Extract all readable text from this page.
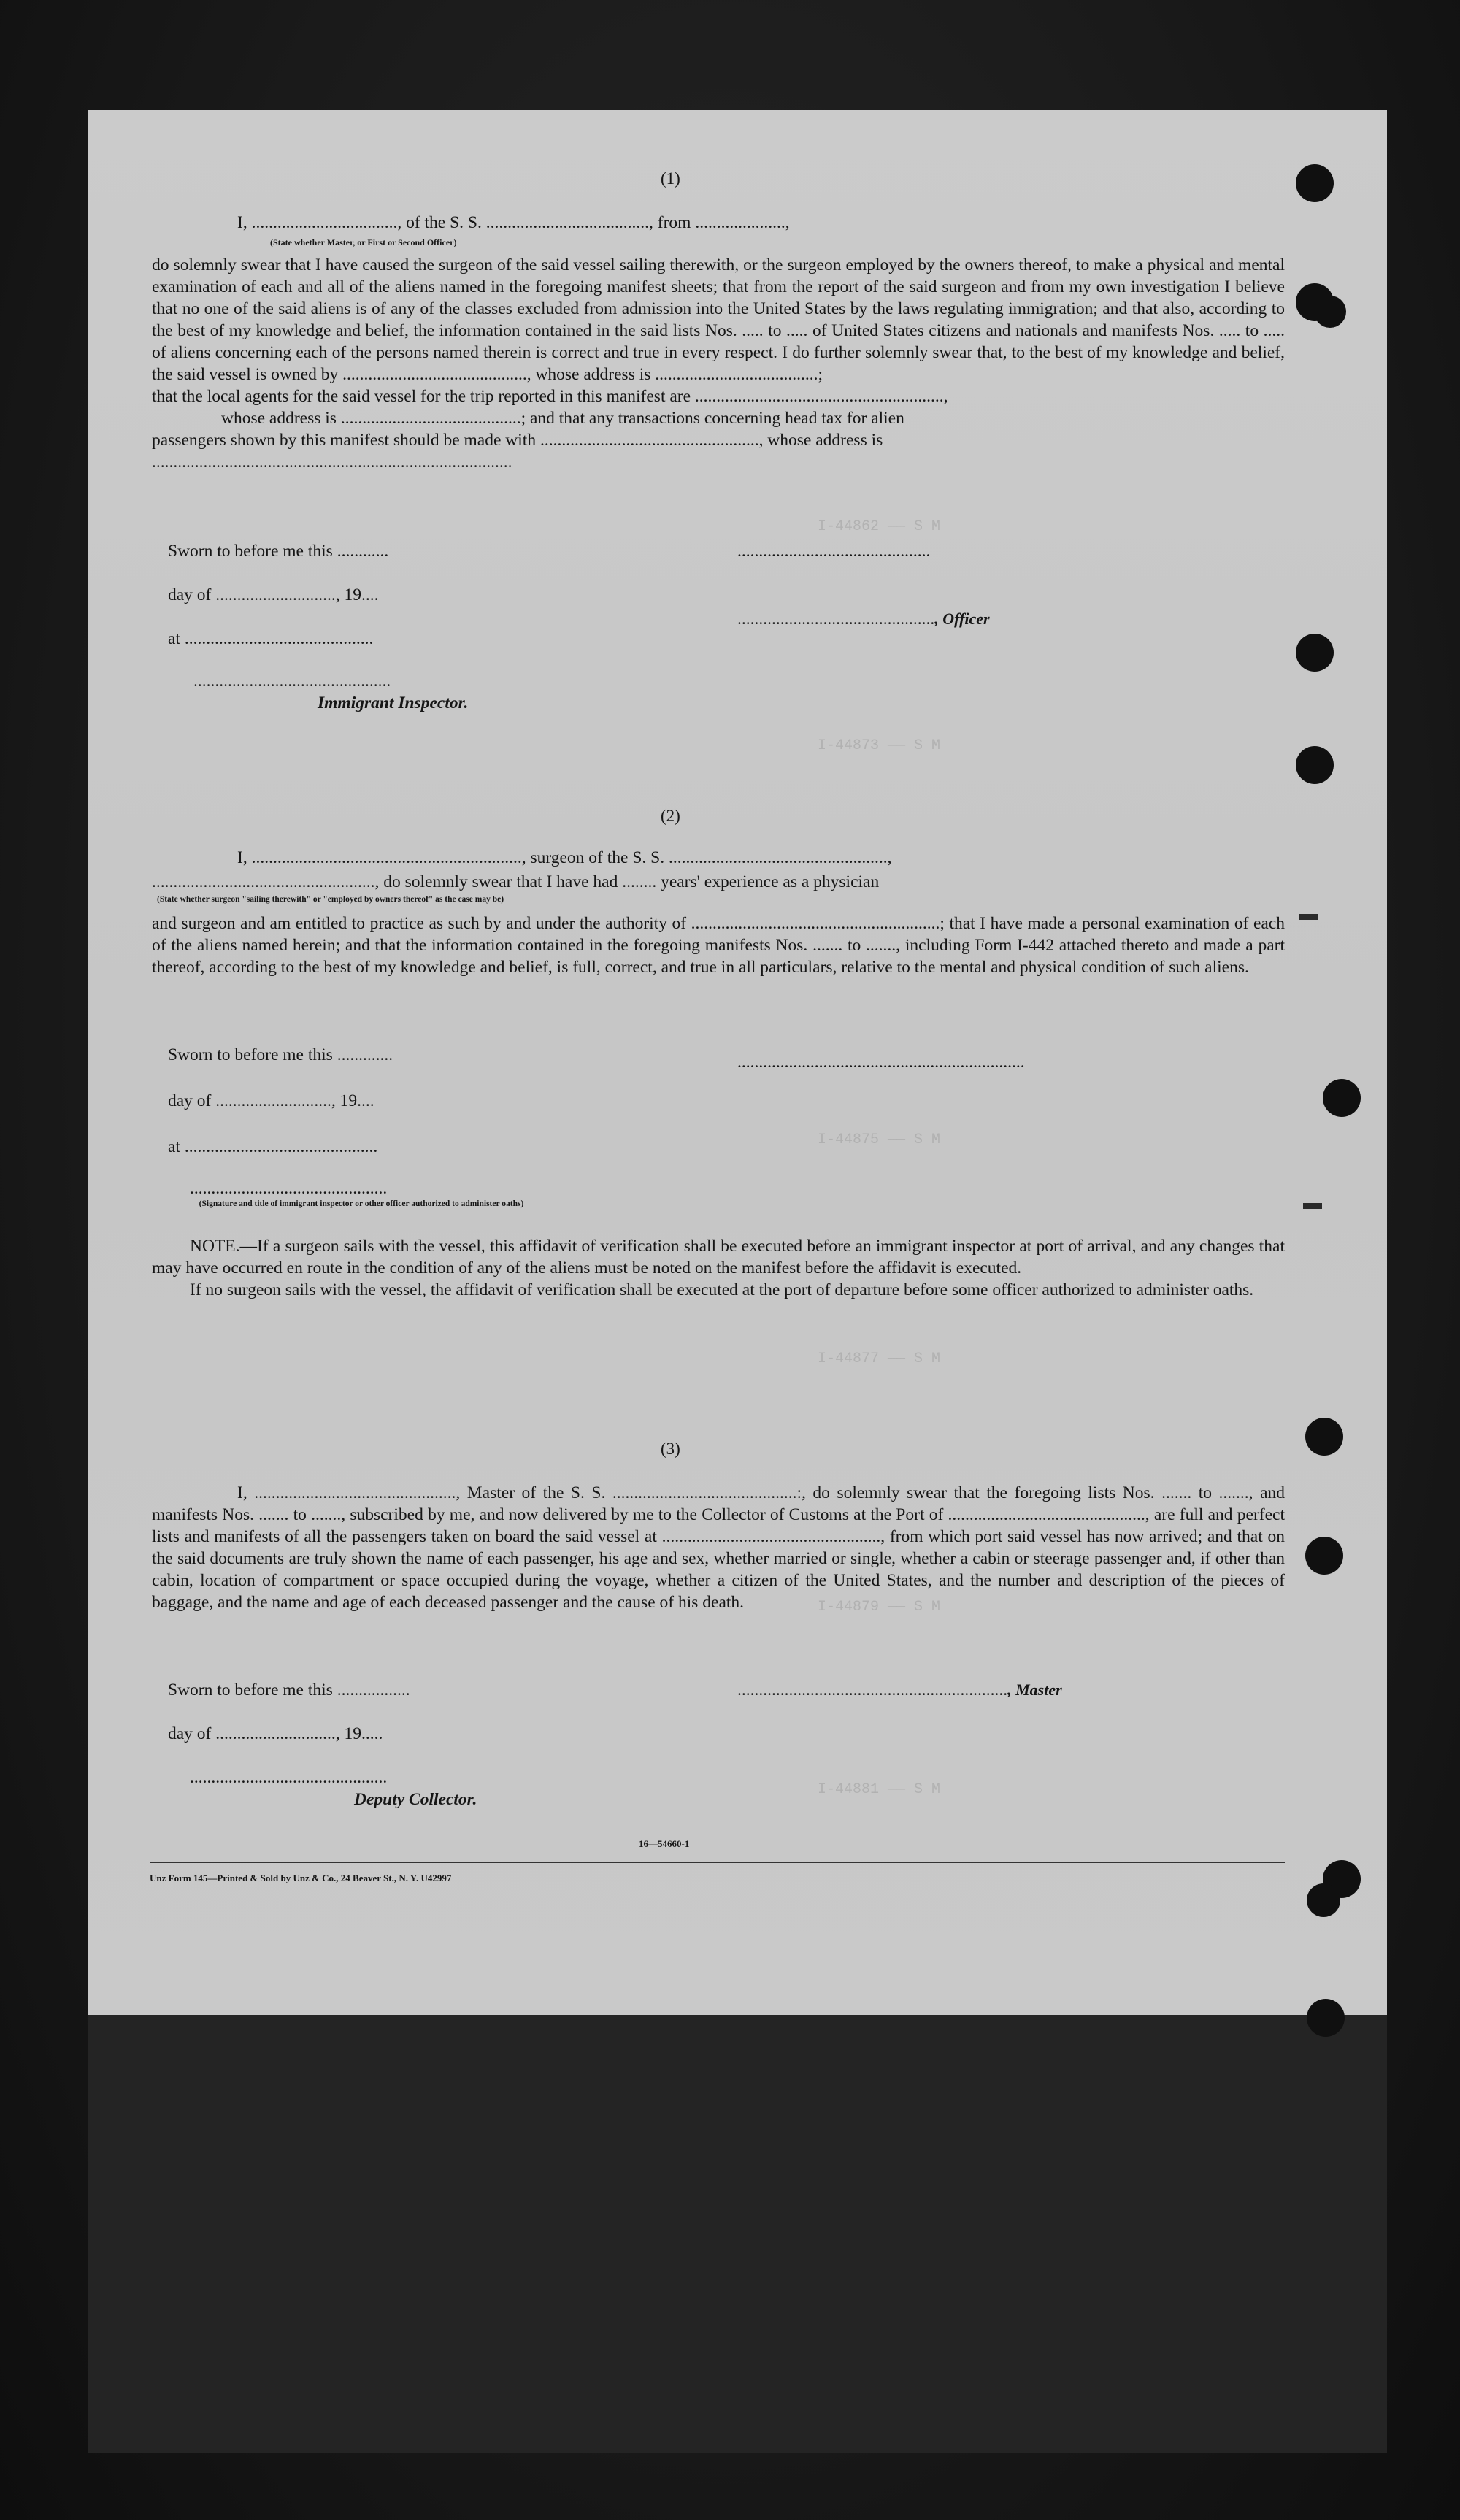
I-44862 —— S M
I-44873 —— S M
I-44875 —— S M
I-44877 —— S M
I-44879 —— S M
I-44881 —— S M
(1)
I, .................................., of the S. S. ......................................, from .....................,
(State whether Master, or First or Second Officer)

do solemnly swear that I have caused the surgeon of the said vessel sailing therewith, or the surgeon employed by the owners thereof, to make a physical and mental examination of each and all of the aliens named in the foregoing manifest sheets; that from the report of the said surgeon and from my own investigation I believe that no one of the said aliens is of any of the classes excluded from admission into the United States by the laws regulating immigration; and that also, according to the best of my knowledge and belief, the information contained in the said lists Nos. ..... to ..... of United States citizens and nationals and manifests Nos. ..... to ..... of aliens concerning each of the persons named therein is correct and true in every respect. I do further solemnly swear that, to the best of my knowledge and belief, the said vessel is owned by ..........................................., whose address is ......................................;

that the local agents for the said vessel for the trip reported in this manifest are ..........................................................,

whose address is ..........................................; and that any transactions concerning head tax for alien

passengers shown by this manifest should be made with ..................................................., whose address is

....................................................................................

Sworn to before me this ............	.............................................
day of ............................, 19....
.............................................., Officer
at ............................................
..............................................
Immigrant Inspector.
(2)
I, ..............................................................., surgeon of the S. S. ...................................................,
...................................................., do solemnly swear that I have had ........ years' experience as a physician
(State whether surgeon "sailing therewith" or "employed by owners thereof" as the case may be)

and surgeon and am entitled to practice as such by and under the authority of ..........................................................; that I have made a personal examination of each of the aliens named herein; and that the information contained in the foregoing manifests Nos. ....... to ......., including Form I-442 attached thereto and made a part thereof, according to the best of my knowledge and belief, is full, correct, and true in all particulars, relative to the mental and physical condition of such aliens.

Sworn to before me this .............	...................................................................
day of ..........................., 19....
at .............................................
..............................................
(Signature and title of immigrant inspector or other officer authorized to administer oaths)

NOTE.—If a surgeon sails with the vessel, this affidavit of verification shall be executed before an immigrant inspector at port of arrival, and any changes that may have occurred en route in the condition of any of the aliens must be noted on the manifest before the affidavit is executed.

If no surgeon sails with the vessel, the affidavit of verification shall be executed at the port of departure before some officer authorized to administer oaths.

(3)

I, ..............................................., Master of the S. S. ...........................................:, do solemnly swear that the foregoing lists Nos. ....... to ......., and manifests Nos. ....... to ......., subscribed by me, and now delivered by me to the Collector of Customs at the Port of .............................................., are full and perfect lists and manifests of all the passengers taken on board the said vessel at ..................................................., from which port said vessel has now arrived; and that on the said documents are truly shown the name of each passenger, his age and sex, whether married or single, whether a cabin or steerage passenger and, if other than cabin, location of compartment or space occupied during the voyage, whether a citizen of the United States, and the number and description of the pieces of baggage, and the name and age of each deceased passenger and the cause of his death.

Sworn to before me this .................	..............................................................., Master
day of ............................, 19.....
..............................................
Deputy Collector.
16—54660-1
Unz Form 145—Printed & Sold by Unz & Co., 24 Beaver St., N. Y. U42997
